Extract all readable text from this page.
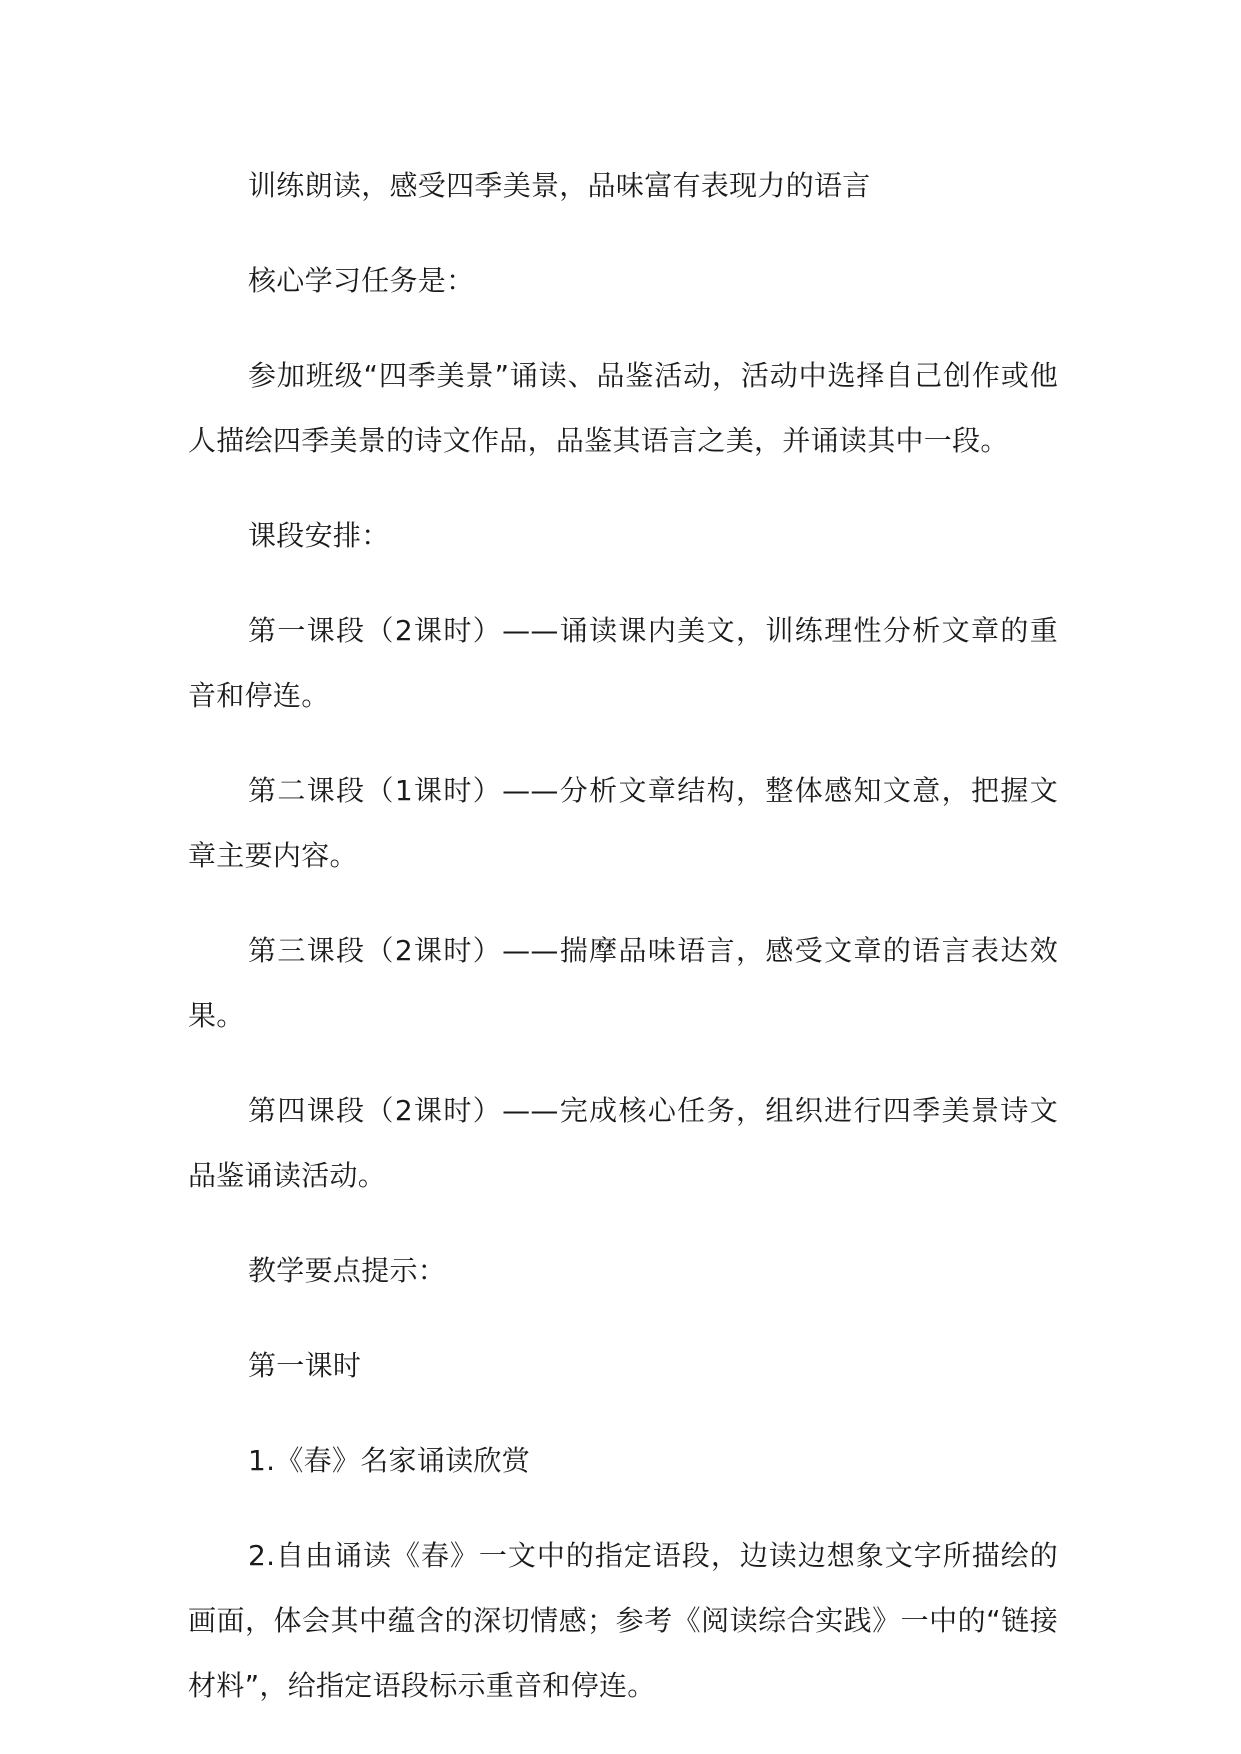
训练朗读，感受四季美景，品味富有表现力的语言

核心学习任务是：

参加班级“四季美景”诵读、品鉴活动，活动中选择自己创作或他人描绘四季美景的诗文作品，品鉴其语言之美，并诵读其中一段。

课段安排：

第一课段（2课时）——诵读课内美文，训练理性分析文章的重音和停连。

第二课段（1课时）——分析文章结构，整体感知文意，把握文章主要内容。

第三课段（2课时）——揣摩品味语言，感受文章的语言表达效果。

第四课段（2课时）——完成核心任务，组织进行四季美景诗文品鉴诵读活动。

教学要点提示：

第一课时

1.《春》名家诵读欣赏

2.自由诵读《春》一文中的指定语段，边读边想象文字所描绘的画面，体会其中蕴含的深切情感；参考《阅读综合实践》一中的“链接材料”，给指定语段标示重音和停连。
